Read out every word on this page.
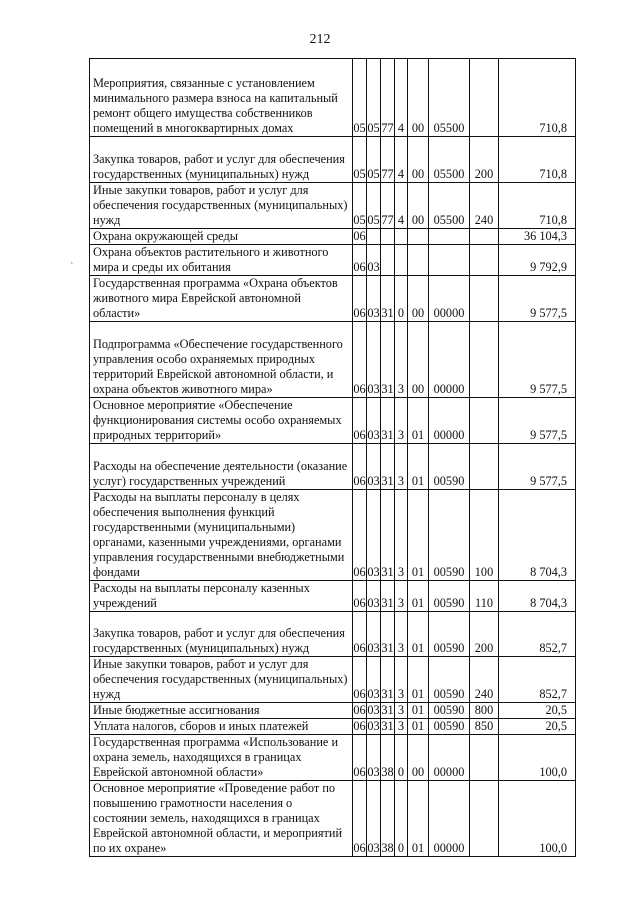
212
`
Мероприятия, связанные с установлением минимального размера взноса на капитальный ремонт общего имущества собственников помещений в многоквартирных домах	05	05	77	4	00	05500		710,8
Закупка товаров, работ и услуг для обеспечения государственных (муниципальных) нужд	05	05	77	4	00	05500	200	710,8
Иные закупки товаров, работ и услуг для обеспечения государственных (муниципальных) нужд	05	05	77	4	00	05500	240	710,8
Охрана окружающей среды	06							36 104,3
Охрана объектов растительного и животного мира и среды их обитания	06	03						9 792,9
Государственная программа «Охрана объектов животного мира Еврейской автономной области»	06	03	31	0	00	00000		9 577,5
Подпрограмма «Обеспечение государственного управления особо охраняемых природных территорий Еврейской автономной области, и охрана объектов животного мира»	06	03	31	3	00	00000		9 577,5
Основное мероприятие «Обеспечение функционирования системы особо охраняемых природных территорий»	06	03	31	3	01	00000		9 577,5
Расходы на обеспечение деятельности (оказание услуг) государственных учреждений	06	03	31	3	01	00590		9 577,5
Расходы на выплаты персоналу в целях обеспечения выполнения функций государственными (муниципальными) органами, казенными учреждениями, органами управления государственными внебюджетными фондами	06	03	31	3	01	00590	100	8 704,3
Расходы на выплаты персоналу казенных учреждений	06	03	31	3	01	00590	110	8 704,3
Закупка товаров, работ и услуг для обеспечения государственных (муниципальных) нужд	06	03	31	3	01	00590	200	852,7
Иные закупки товаров, работ и услуг для обеспечения государственных (муниципальных) нужд	06	03	31	3	01	00590	240	852,7
Иные бюджетные ассигнования	06	03	31	3	01	00590	800	20,5
Уплата налогов, сборов и иных платежей	06	03	31	3	01	00590	850	20,5
Государственная программа «Использование и охрана земель, находящихся в границах Еврейской автономной области»	06	03	38	0	00	00000		100,0
Основное мероприятие «Проведение работ по повышению грамотности населения о состоянии земель, находящихся в границах Еврейской автономной области, и мероприятий по их охране»	06	03	38	0	01	00000		100,0
